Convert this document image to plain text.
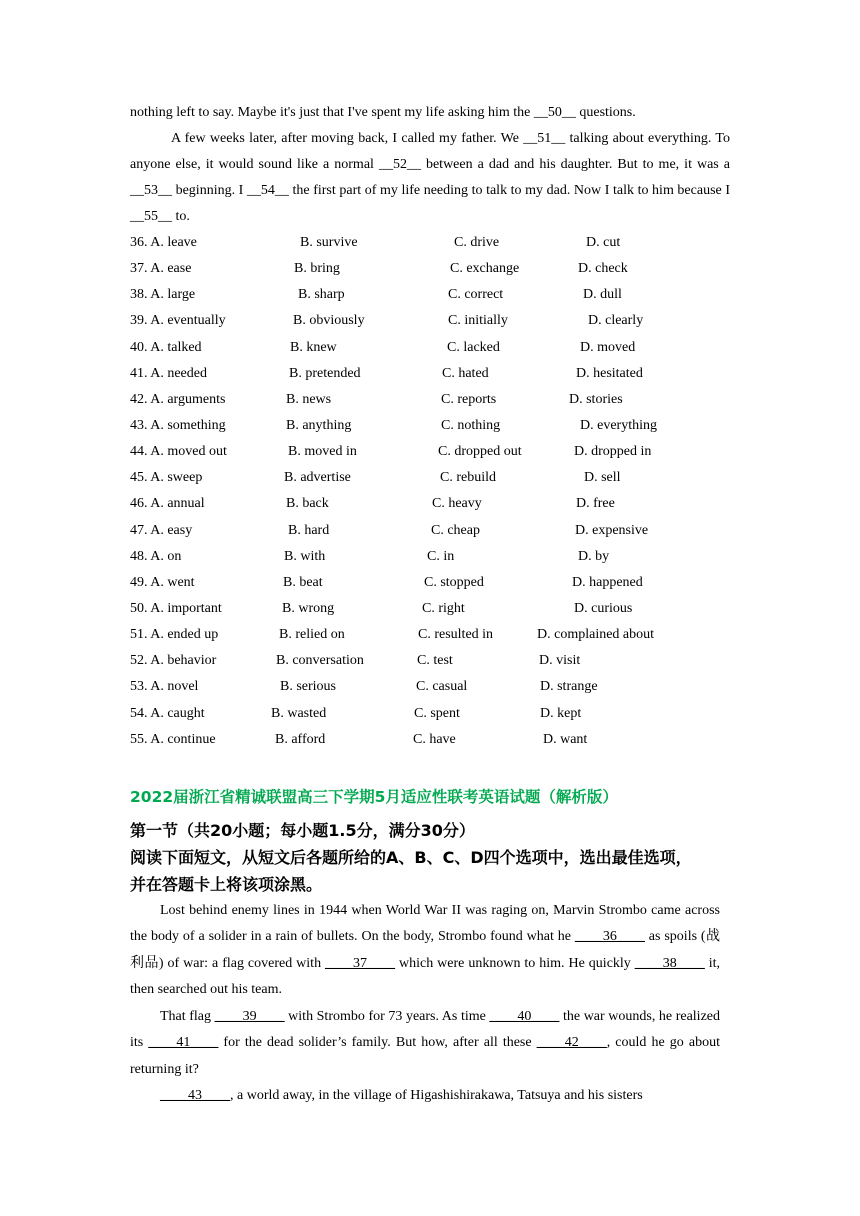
nothing left to say. Maybe it's just that I've spent my life asking him the __50__ questions.

A few weeks later, after moving back, I called my father. We __51__ talking about everything. To anyone else, it would sound like a normal __52__ between a dad and his daughter. But to me, it was a __53__ beginning. I __54__ the first part of my life needing to talk to my dad. Now I talk to him because I __55__ to.

36. A. leave	B. survive	C. drive	D. cut
37. A. ease	B. bring	C. exchange	D. check
38. A. large	B. sharp	C. correct	D. dull
39. A. eventually	B. obviously	C. initially	D. clearly
40. A. talked	B. knew	C. lacked	D. moved
41. A. needed	B. pretended	C. hated	D. hesitated
42. A. arguments	B. news	C. reports	D. stories
43. A. something	B. anything	C. nothing	D. everything
44. A. moved out	B. moved in	C. dropped out	D. dropped in
45. A. sweep	B. advertise	C. rebuild	D. sell
46. A. annual	B. back	C. heavy	D. free
47. A. easy	B. hard	C. cheap	D. expensive
48. A. on	B. with	C. in	D. by
49. A. went	B. beat	C. stopped	D. happened
50. A. important	B. wrong	C. right	D. curious
51. A. ended up	B. relied on	C. resulted in	D. complained about
52. A. behavior	B. conversation	C. test	D. visit
53. A. novel	B. serious	C. casual	D. strange
54. A. caught	B. wasted	C. spent	D. kept
55. A. continue	B. afford	C. have	D. want
2022届浙江省精诚联盟高三下学期5月适应性联考英语试题（解析版）

第一节（共20小题；每小题1.5分，满分30分）

阅读下面短文，从短文后各题所给的A、B、C、D四个选项中，选出最佳选项，

并在答题卡上将该项涂黑。

Lost behind enemy lines in 1944 when World War II was raging on, Marvin Strombo came across the body of a solider in a rain of bullets. On the body, Strombo found what he ____36____ as spoils (战利品) of war: a flag covered with ____37____ which were unknown to him. He quickly ____38____ it, then searched out his team.

That flag ____39____ with Strombo for 73 years. As time ____40____ the war wounds, he realized its ____41____ for the dead solider’s family. But how, after all these ____42____, could he go about returning it?

____43____, a world away, in the village of Higashishirakawa, Tatsuya and his sisters
